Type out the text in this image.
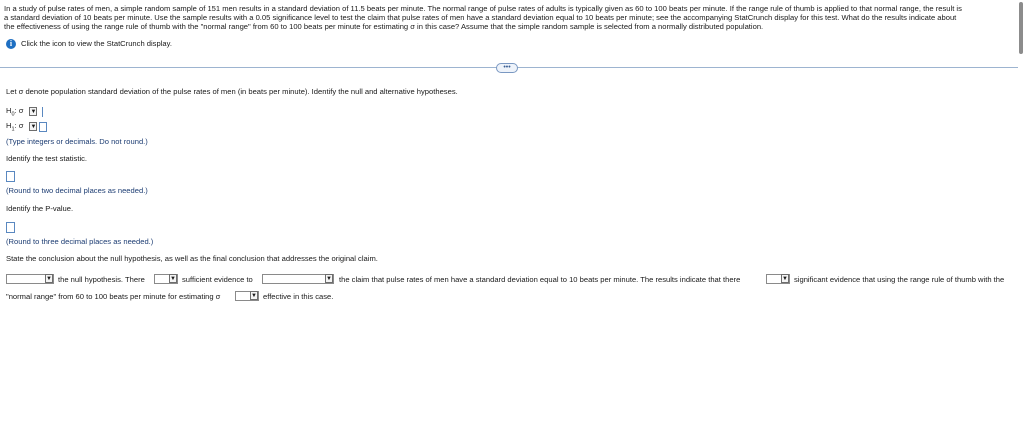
In a study of pulse rates of men, a simple random sample of 151 men results in a standard deviation of 11.5 beats per minute. The normal range of pulse rates of adults is typically given as 60 to 100 beats per minute. If the range rule of thumb is applied to that normal range, the result is

a standard deviation of 10 beats per minute. Use the sample results with a 0.05 significance level to test the claim that pulse rates of men have a standard deviation equal to 10 beats per minute; see the accompanying StatCrunch display for this test. What do the results indicate about

the effectiveness of using the range rule of thumb with the "normal range" from 60 to 100 beats per minute for estimating σ in this case? Assume that the simple random sample is selected from a normally distributed population.

i	Click the icon to view the StatCrunch display.
•••
Let σ denote population standard deviation of the pulse rates of men (in beats per minute). Identify the null and alternative hypotheses.
$H_0$: σ ▼
$H_1$: σ ▼
(Type integers or decimals. Do not round.)
Identify the test statistic.
(Round to two decimal places as needed.)
Identify the P-value.
(Round to three decimal places as needed.)
State the conclusion about the null hypothesis, as well as the final conclusion that addresses the original claim.
▼ the null hypothesis. There	▼ sufficient evidence to	▼ the claim that pulse rates of men have a standard deviation equal to 10 beats per minute. The results indicate that there	▼ significant evidence that using the range rule of thumb with the
"normal range" from 60 to 100 beats per minute for estimating σ	▼ effective in this case.
